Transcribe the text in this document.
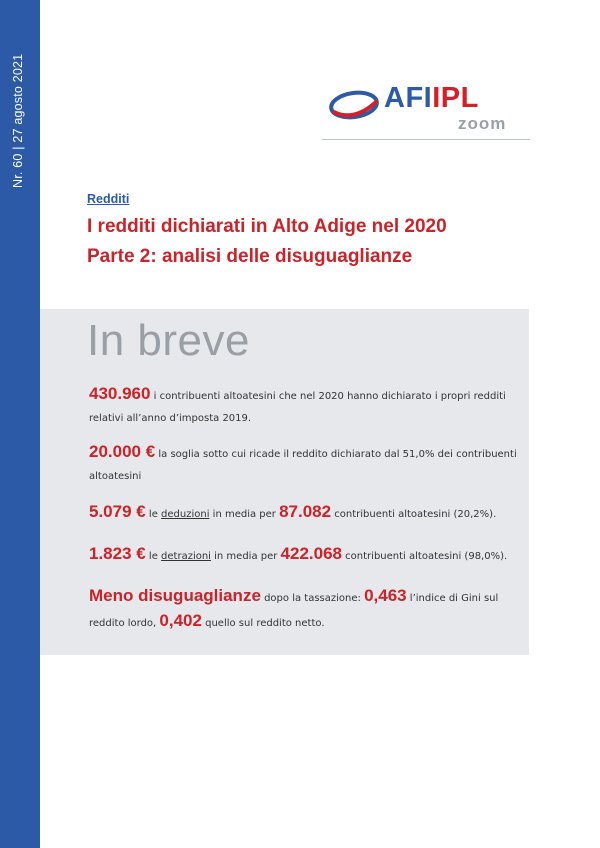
Nr. 60 | 27 agosto 2021	AFIIPL
zoom
Redditi
I redditi dichiarati in Alto Adige nel 2020
Parte 2: analisi delle disuguaglianze
In breve
430.960 i contribuenti altoatesini che nel 2020 hanno dichiarato i propri redditi relativi all’anno d’imposta 2019.
20.000 € la soglia sotto cui ricade il reddito dichiarato dal 51,0% dei contribuenti altoatesini
5.079 € le deduzioni in media per 87.082 contribuenti altoatesini (20,2%).
1.823 € le detrazioni in media per 422.068 contribuenti altoatesini (98,0%).
Meno disuguaglianze dopo la tassazione: 0,463 l’indice di Gini sul reddito lordo, 0,402 quello sul reddito netto.
